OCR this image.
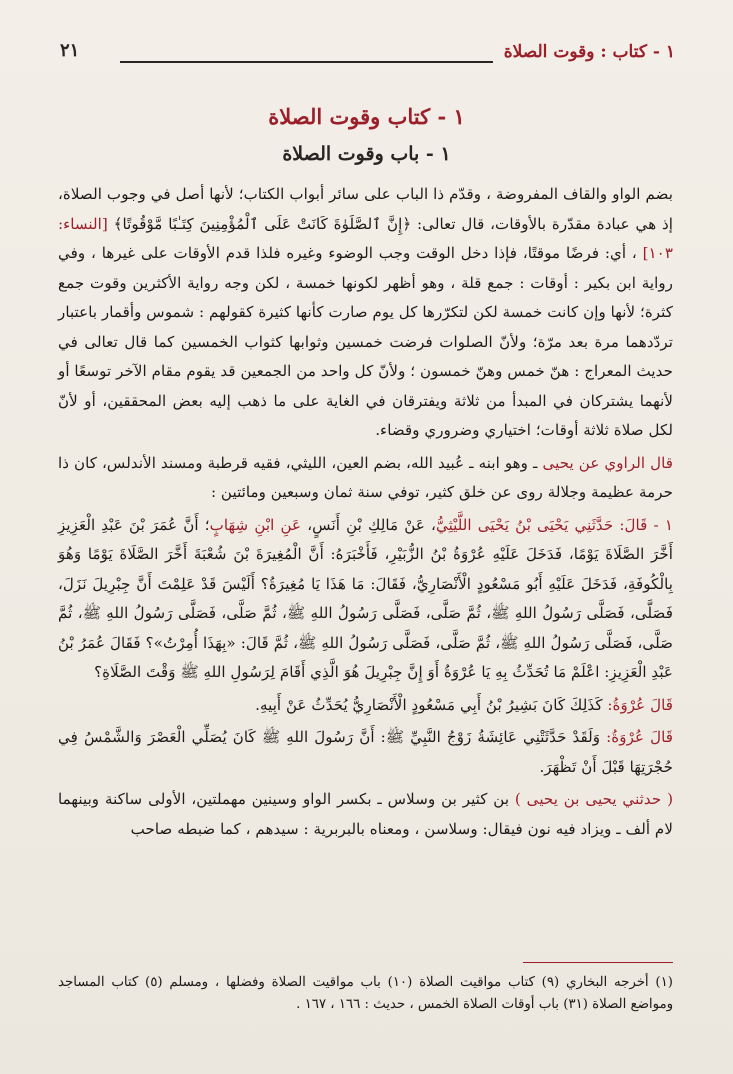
١ - كتاب : وقوت الصلاة
٢١
١ - كتاب وقوت الصلاة
١ - باب وقوت الصلاة

بضم الواو والقاف المفروضة ، وقدّم ذا الباب على سائر أبواب الكتاب؛ لأنها أصل في وجوب الصلاة، إذ هي عبادة مقدّرة بالأوقات، قال تعالى: ﴿إِنَّ ٱلصَّلَوٰةَ كَانَتْ عَلَى ٱلْمُؤْمِنِينَ كِتَـٰبًا مَّوْقُوتًا﴾ [النساء: ١٠٣] ، أي: فرضًا موقتًا، فإذا دخل الوقت وجب الوضوء وغيره فلذا قدم الأوقات على غيرها ، وفي رواية ابن بكير : أوقات : جمع قلة ، وهو أظهر لكونها خمسة ، لكن وجه رواية الأكثرين وقوت جمع كثرة؛ لأنها وإن كانت خمسة لكن لتكرّرها كل يوم صارت كأنها كثيرة كقولهم : شموس وأقمار باعتبار تردّدهما مرة بعد مرّة؛ ولأنّ الصلوات فرضت خمسين وثوابها كثواب الخمسين كما قال تعالى في حديث المعراج : هنّ خمس وهنّ خمسون ؛ ولأنّ كل واحد من الجمعين قد يقوم مقام الآخر توسعًا أو لأنهما يشتركان في المبدأ من ثلاثة ويفترقان في الغاية على ما ذهب إليه بعض المحققين، أو لأنّ لكل صلاة ثلاثة أوقات؛ اختياري وضروري وقضاء.

قال الراوي عن يحيى ـ وهو ابنه ـ عُبيد الله، بضم العين، الليثي، فقيه قرطبة ومسند الأندلس، كان ذا حرمة عظيمة وجلالة روى عن خلق كثير، توفي سنة ثمان وسبعين ومائتين :

١ - قَالَ: حَدَّثَنِي يَحْيَى بْنُ يَحْيَى اللَّيْثِيُّ، عَنْ مَالِكِ بْنِ أَنَسٍ، عَنِ ابْنِ شِهَابٍ؛ أَنَّ عُمَرَ بْنَ عَبْدِ الْعَزِيزِ أَخَّرَ الصَّلَاةَ يَوْمًا، فَدَخَلَ عَلَيْهِ عُرْوَةُ بْنُ الزُّبَيْرِ، فَأَخْبَرَهُ: أَنَّ الْمُغِيرَةَ بْنَ شُعْبَةَ أَخَّرَ الصَّلَاةَ يَوْمًا وَهُوَ بِالْكُوفَةِ، فَدَخَلَ عَلَيْهِ أَبُو مَسْعُودٍ الْأَنْصَارِيُّ، فَقَالَ: مَا هَذَا يَا مُغِيرَةُ؟ أَلَيْسَ قَدْ عَلِمْتَ أَنَّ جِبْرِيلَ نَزَلَ، فَصَلَّى، فَصَلَّى رَسُولُ اللهِ ﷺ، ثُمَّ صَلَّى، فَصَلَّى رَسُولُ اللهِ ﷺ، ثُمَّ صَلَّى، فَصَلَّى رَسُولُ اللهِ ﷺ، ثُمَّ صَلَّى، فَصَلَّى رَسُولُ اللهِ ﷺ، ثُمَّ صَلَّى، فَصَلَّى رَسُولُ اللهِ ﷺ، ثُمَّ قَالَ: «بِهَذَا أُمِرْتُ»؟ فَقَالَ عُمَرُ بْنُ عَبْدِ الْعَزِيزِ: اعْلَمْ مَا تُحَدِّثُ بِهِ يَا عُرْوَةُ أَوَ إِنَّ جِبْرِيلَ هُوَ الَّذِي أَقَامَ لِرَسُولِ اللهِ ﷺ وَقْتَ الصَّلَاةِ؟

قَالَ عُرْوَةُ: كَذَلِكَ كَانَ بَشِيرُ بْنُ أَبِي مَسْعُودٍ الْأَنْصَارِيُّ يُحَدِّثُ عَنْ أَبِيهِ.

قَالَ عُرْوَةُ: وَلَقَدْ حَدَّثَتْنِي عَائِشَةُ زَوْجُ النَّبِيِّ ﷺ: أَنَّ رَسُولَ اللهِ ﷺ كَانَ يُصَلِّي الْعَصْرَ وَالشَّمْسُ فِي حُجْرَتِهَا قَبْلَ أَنْ تَظْهَرَ.

( حدثني يحيى بن يحيى ) بن كثير بن وسلاس ـ بكسر الواو وسينين مهملتين، الأولى ساكنة وبينهما لام ألف ـ ويزاد فيه نون فيقال: وسلاسن ، ومعناه بالبربرية : سيدهم ، كما ضبطه صاحب

(١) أخرجه البخاري (٩) كتاب مواقيت الصلاة (١٠) باب مواقيت الصلاة وفضلها ، ومسلم (٥) كتاب المساجد ومواضع الصلاة (٣١) باب أوقات الصلاة الخمس ، حديث : ١٦٦ ، ١٦٧ .
